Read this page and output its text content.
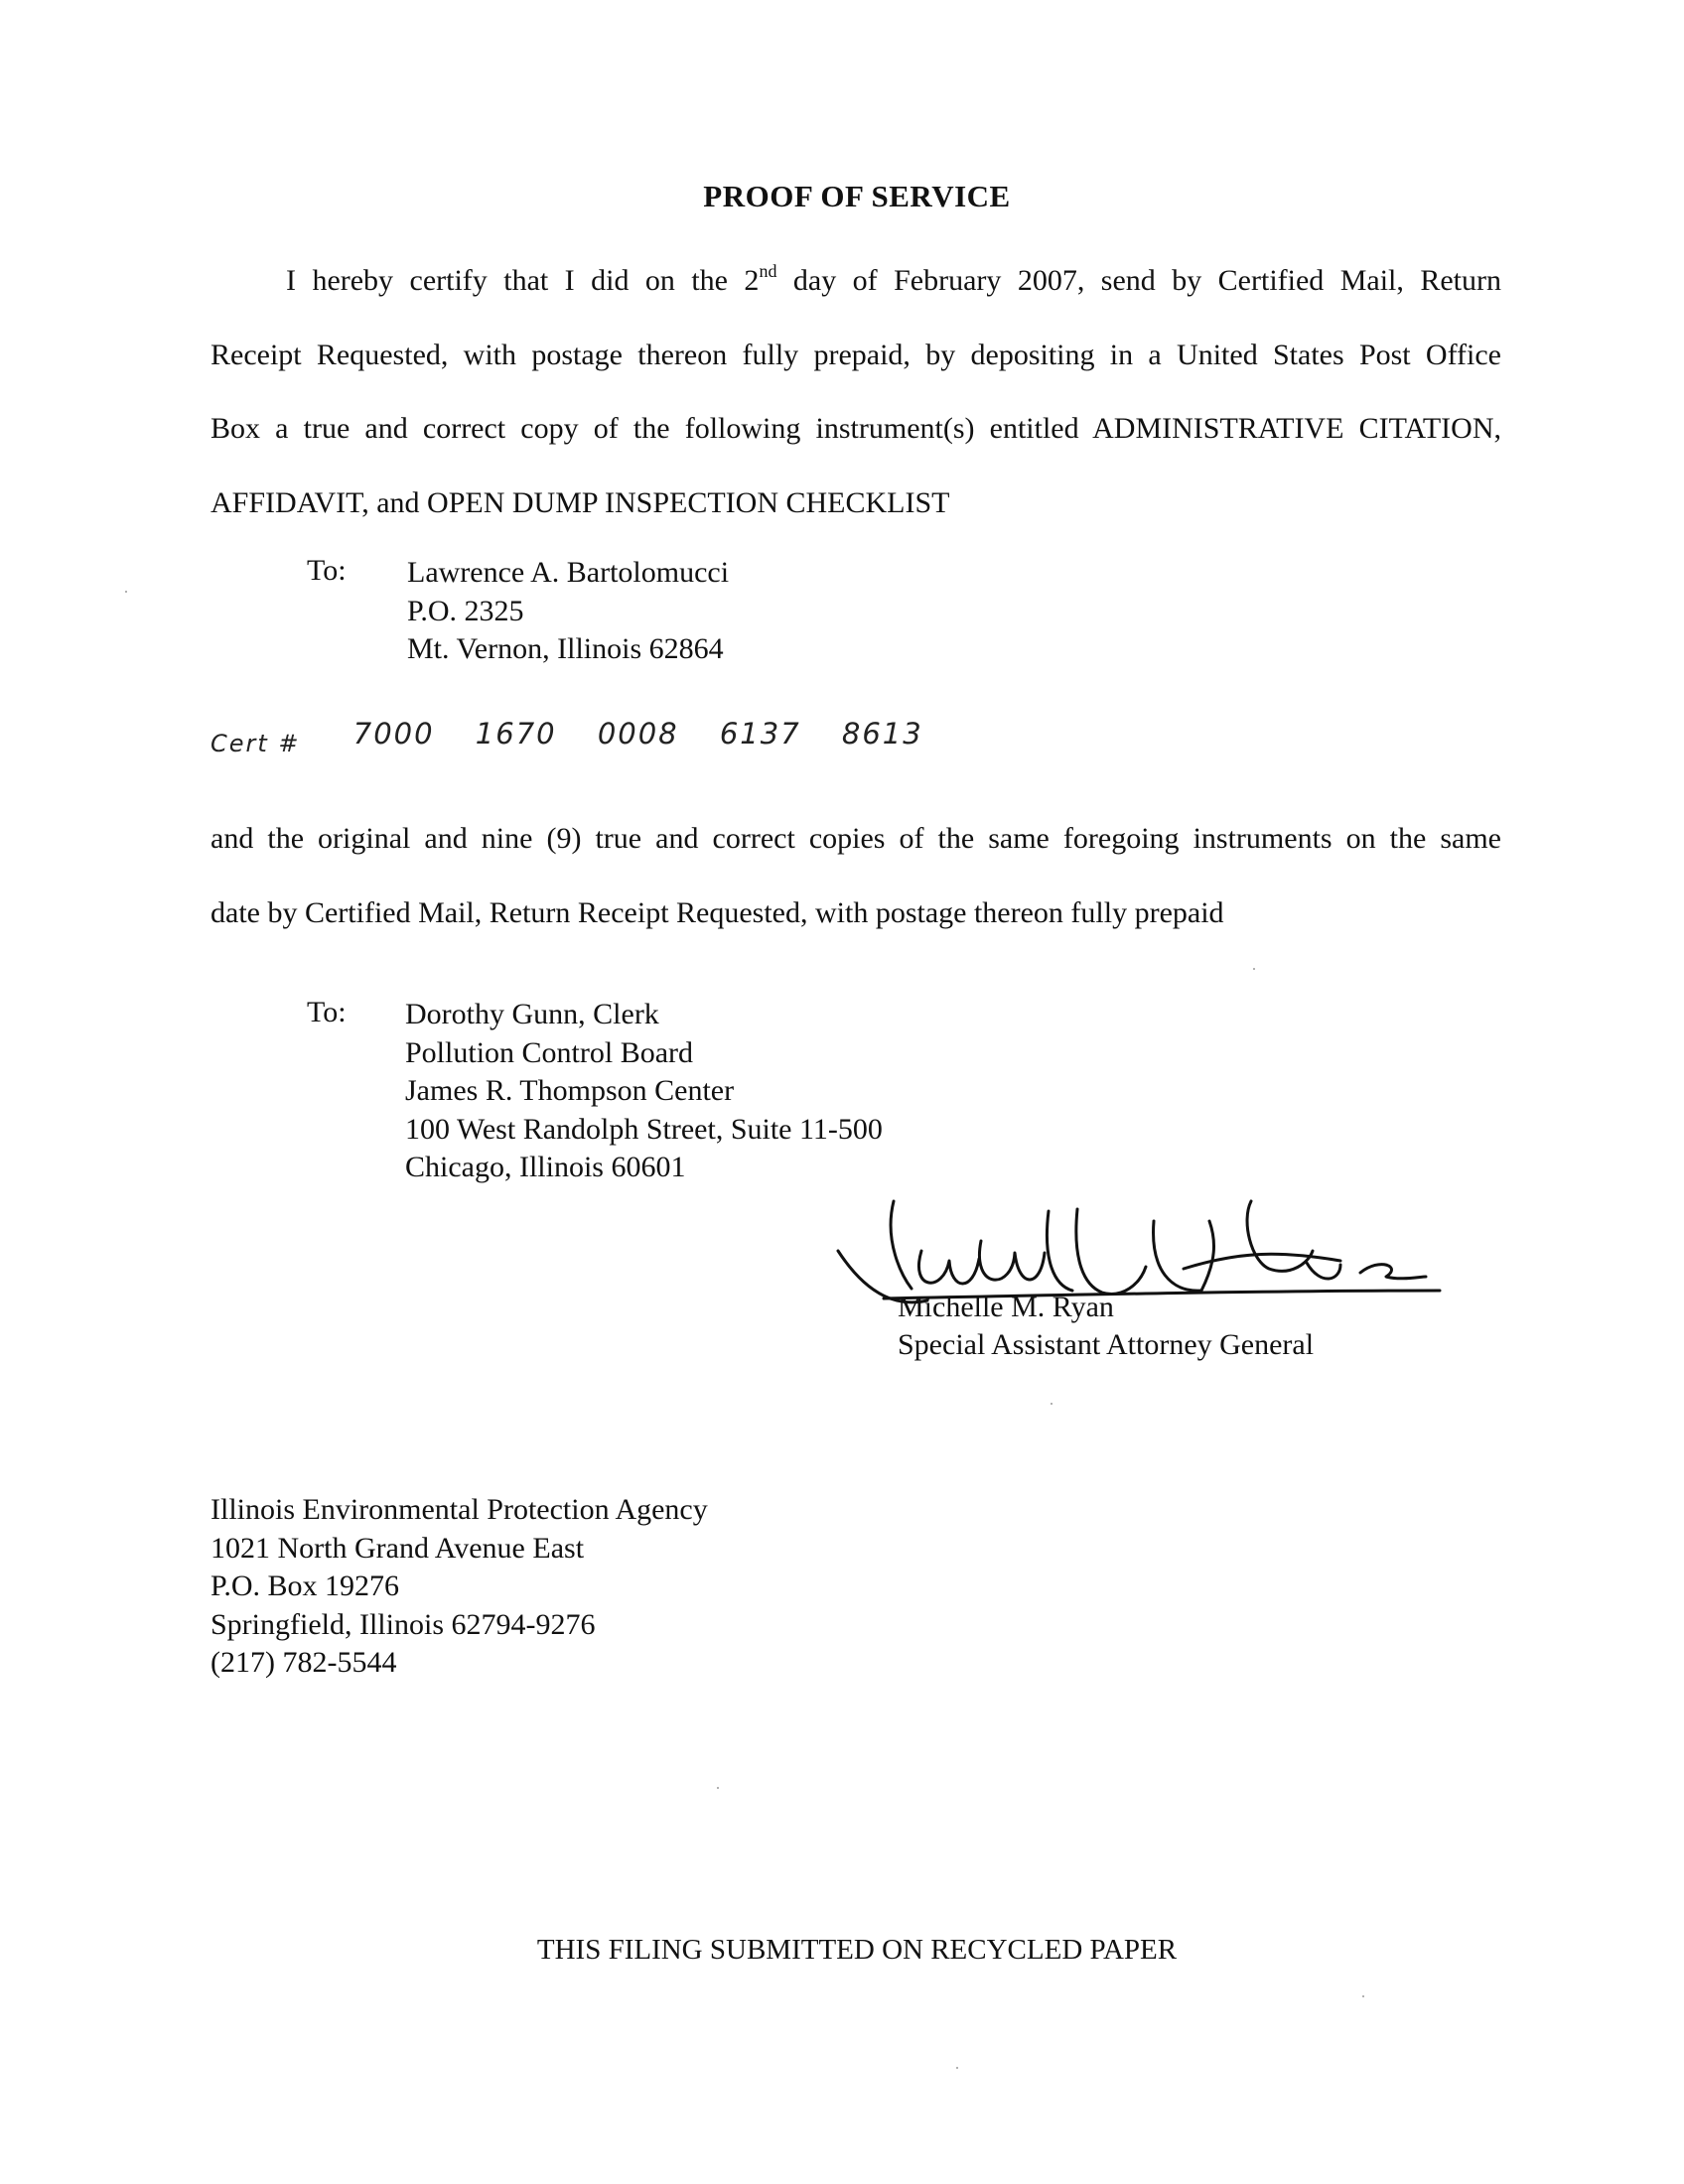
PROOF OF SERVICE
I hereby certify that I did on the 2nd day of February 2007, send by Certified Mail, Return
Receipt Requested, with postage thereon fully prepaid, by depositing in a United States Post Office
Box a true and correct copy of the following instrument(s) entitled ADMINISTRATIVE CITATION,
AFFIDAVIT, and OPEN DUMP INSPECTION CHECKLIST
To: Lawrence A. Bartolomucci
P.O. 2325
Mt. Vernon, Illinois 62864
Cert # 7000 1670 0008 6137 8613
and the original and nine (9) true and correct copies of the same foregoing instruments on the same
date by Certified Mail, Return Receipt Requested, with postage thereon fully prepaid
To: Dorothy Gunn, Clerk
Pollution Control Board
James R. Thompson Center
100 West Randolph Street, Suite 11-500
Chicago, Illinois 60601
Michelle M. Ryan
Special Assistant Attorney General
Illinois Environmental Protection Agency
1021 North Grand Avenue East
P.O. Box 19276
Springfield, Illinois 62794-9276
(217) 782-5544
THIS FILING SUBMITTED ON RECYCLED PAPER
